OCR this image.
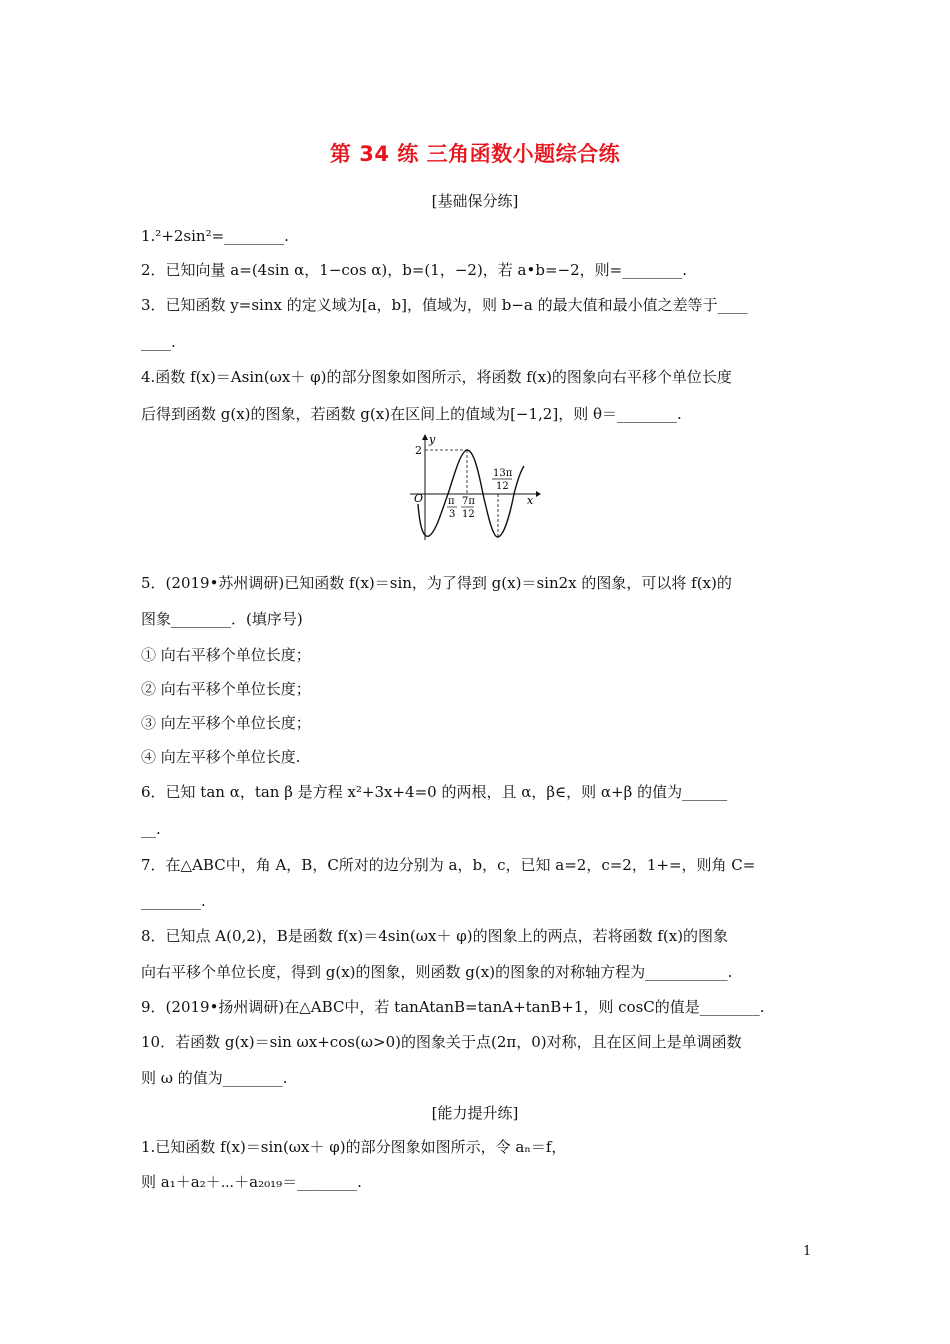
第 34 练 三角函数小题综合练
[基础保分练]
1.²+2sin²=________.
2．已知向量 a=(4sin α，1−cos α)，b=(1，−2)，若 a•b=−2，则=________.
3．已知函数 y=sinx 的定义域为[a，b]，值域为，则 b−a 的最大值和最小值之差等于____
____.
4.函数 f(x)＝Asin(ωx＋ φ)的部分图象如图所示，将函数 f(x)的图象向右平移个单位长度
后得到函数 g(x)的图象，若函数 g(x)在区间上的值域为[−1,2]，则 θ＝________.
y
x
O
2
π
3
7π
12
13π
12
5．(2019•苏州调研)已知函数 f(x)＝sin，为了得到 g(x)＝sin2x 的图象，可以将 f(x)的
图象________．(填序号)
① 向右平移个单位长度；
② 向右平移个单位长度；
③ 向左平移个单位长度；
④ 向左平移个单位长度.
6．已知 tan α，tan β 是方程 x²+3x+4=0 的两根，且 α，β∈，则 α+β 的值为______
__.
7．在△ABC中，角 A，B，C所对的边分别为 a，b，c，已知 a=2，c=2，1+=，则角 C=
________.
8．已知点 A(0,2)，B是函数 f(x)＝4sin(ωx＋ φ)的图象上的两点，若将函数 f(x)的图象
向右平移个单位长度，得到 g(x)的图象，则函数 g(x)的图象的对称轴方程为___________.
9．(2019•扬州调研)在△ABC中，若 tanAtanB=tanA+tanB+1，则 cosC的值是________.
10．若函数 g(x)＝sin ωx+cos(ω>0)的图象关于点(2π，0)对称，且在区间上是单调函数
则 ω 的值为________.
[能力提升练]
1.已知函数 f(x)＝sin(ωx＋ φ)的部分图象如图所示，令 aₙ＝f，
则 a₁＋a₂＋⋯＋a₂₀₁₉＝________.
1
